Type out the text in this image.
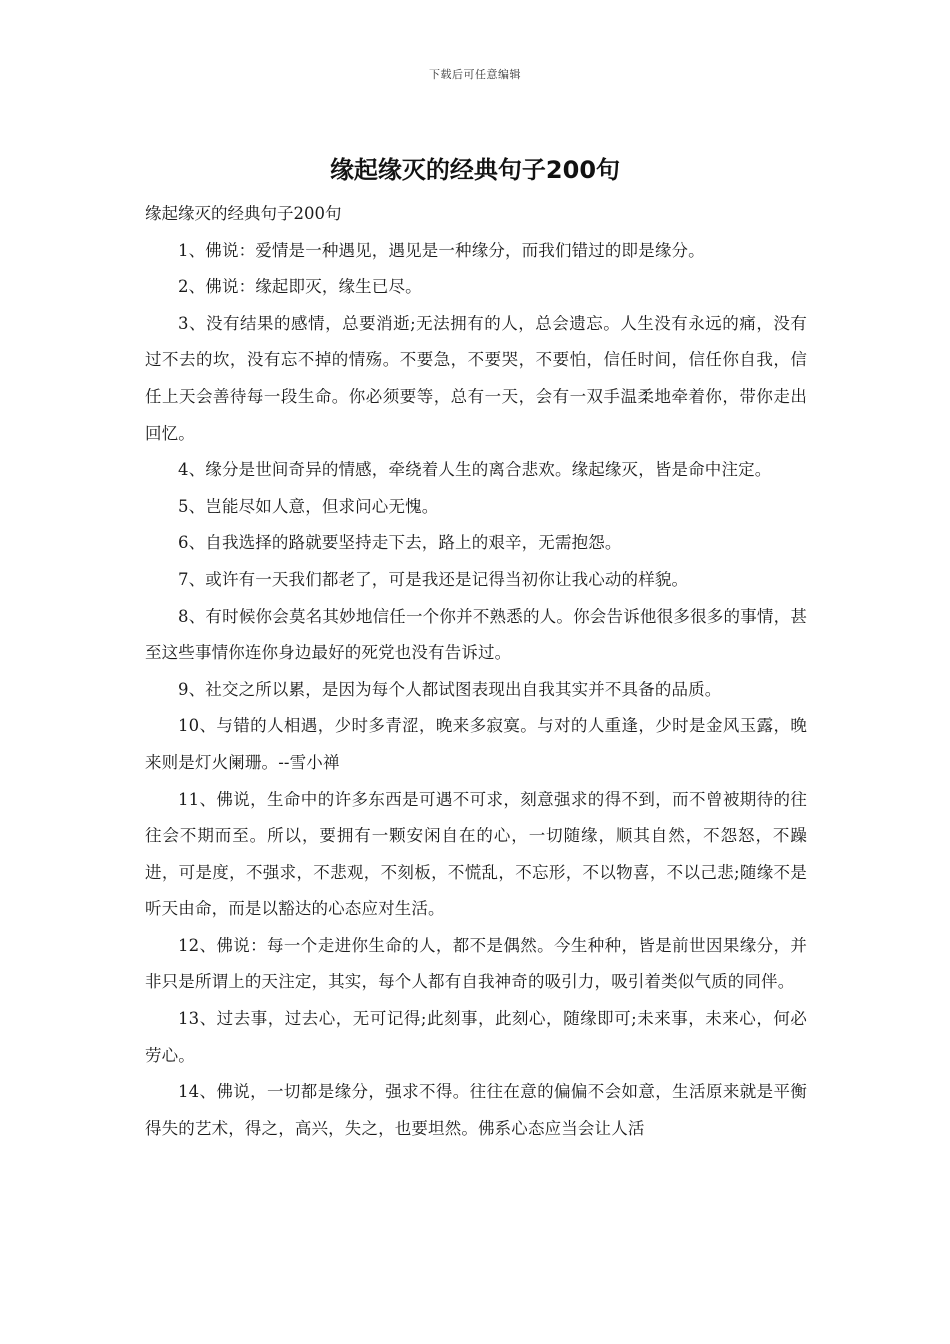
下载后可任意编辑
缘起缘灭的经典句子200句

缘起缘灭的经典句子200句

1、佛说：爱情是一种遇见，遇见是一种缘分，而我们错过的即是缘分。

2、佛说：缘起即灭，缘生已尽。

3、没有结果的感情，总要消逝;无法拥有的人，总会遗忘。人生没有永远的痛，没有过不去的坎，没有忘不掉的情殇。不要急，不要哭，不要怕，信任时间，信任你自我，信任上天会善待每一段生命。你必须要等，总有一天，会有一双手温柔地牵着你，带你走出回忆。

4、缘分是世间奇异的情感，牵绕着人生的离合悲欢。缘起缘灭，皆是命中注定。

5、岂能尽如人意，但求问心无愧。

6、自我选择的路就要坚持走下去，路上的艰辛，无需抱怨。

7、或许有一天我们都老了，可是我还是记得当初你让我心动的样貌。

8、有时候你会莫名其妙地信任一个你并不熟悉的人。你会告诉他很多很多的事情，甚至这些事情你连你身边最好的死党也没有告诉过。

9、社交之所以累，是因为每个人都试图表现出自我其实并不具备的品质。

10、与错的人相遇，少时多青涩，晚来多寂寞。与对的人重逢，少时是金风玉露，晚来则是灯火阑珊。--雪小禅

11、佛说，生命中的许多东西是可遇不可求，刻意强求的得不到，而不曾被期待的往往会不期而至。所以，要拥有一颗安闲自在的心，一切随缘，顺其自然，不怨怒，不躁进，可是度，不强求，不悲观，不刻板，不慌乱，不忘形，不以物喜，不以己悲;随缘不是听天由命，而是以豁达的心态应对生活。

12、佛说：每一个走进你生命的人，都不是偶然。今生种种，皆是前世因果缘分，并非只是所谓上的天注定，其实，每个人都有自我神奇的吸引力，吸引着类似气质的同伴。

13、过去事，过去心，无可记得;此刻事，此刻心，随缘即可;未来事，未来心，何必劳心。

14、佛说，一切都是缘分，强求不得。往往在意的偏偏不会如意，生活原来就是平衡得失的艺术，得之，高兴，失之，也要坦然。佛系心态应当会让人活
